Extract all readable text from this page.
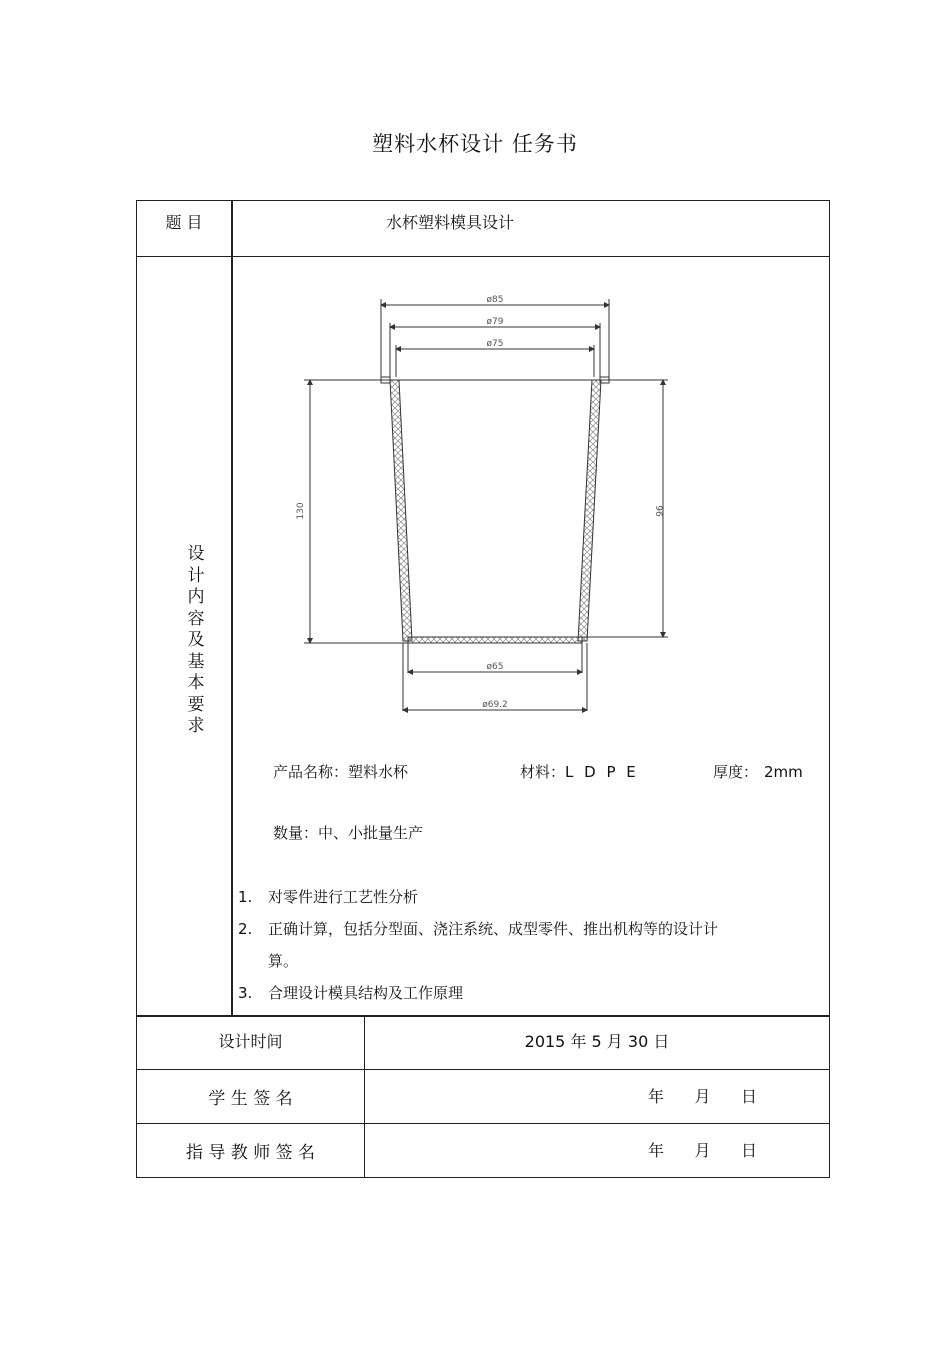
塑料水杯设计 任务书
题 目	水杯塑料模具设计
设
计
内
容
及
基
本
要
求
ø85
ø79
ø75
ø65
ø69.2
130	96
产品名称：塑料水杯	材料：L D P E	厚度： 2mm
数量：中、小批量生产
1. 对零件进行工艺性分析
2. 正确计算，包括分型面、浇注系统、成型零件、推出机构等的设计计
算。
3. 合理设计模具结构及工作原理
设计时间	2015 年 5 月 30 日
学 生 签 名	年      月      日
指 导 教 师 签 名	年      月      日
